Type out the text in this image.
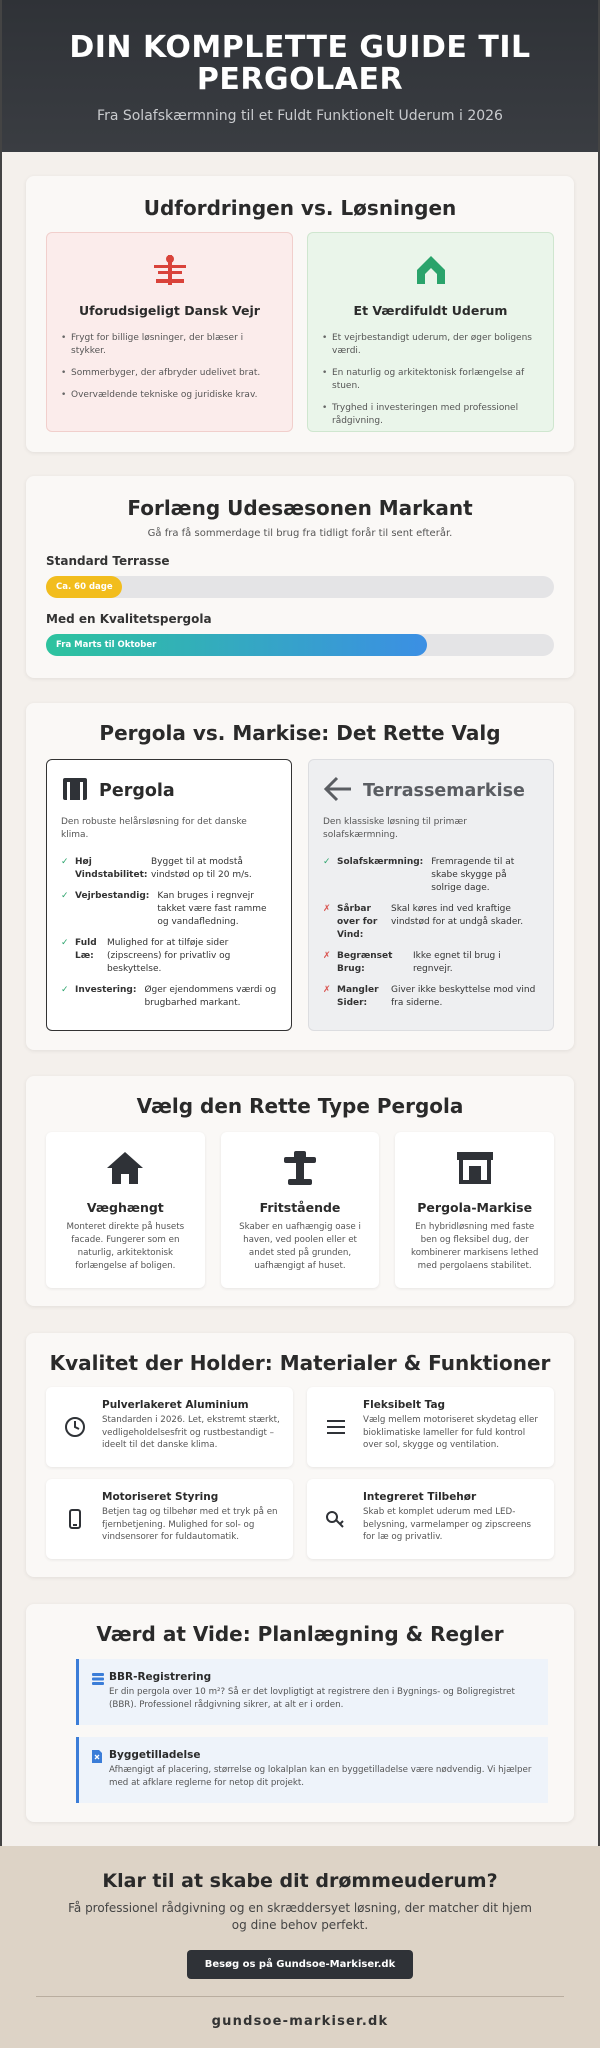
DIN KOMPLETTE GUIDE TIL
PERGOLAER

Fra Solafskærmning til et Fuldt Funktionelt Uderum i 2026

Udfordringen vs. Løsningen
Uforudsigeligt Dansk Vejr
• Frygt for billige løsninger, der blæser i stykker.
• Sommerbyger, der afbryder udelivet brat.
• Overvældende tekniske og juridiske krav.
Et Værdifuldt Uderum
• Et vejrbestandigt uderum, der øger boligens værdi.
• En naturlig og arkitektonisk forlængelse af stuen.
• Tryghed i investeringen med professionel rådgivning.
Forlæng Udesæsonen Markant

Gå fra få sommerdage til brug fra tidligt forår til sent efterår.

Standard Terrasse
Ca. 60 dage
Med en Kvalitetspergola
Fra Marts til Oktober
Pergola vs. Markise: Det Rette Valg
Pergola

Den robuste helårsløsning for det danske klima.

✓ Høj Vindstabilitet:
Bygget til at modstå vindstød op til 20 m/s.
✓ Vejrbestandig: Kan bruges i regnvejr takket være fast ramme og vandafledning.
✓ Fuld Læ:
Mulighed for at tilføje sider (zipscreens) for privatliv og beskyttelse.
✓ Investering: Øger ejendommens værdi og brugbarhed markant.
Terrassemarkise

Den klassiske løsning til primær solafskærmning.

✓ Solafskærmning: Fremragende til at skabe skygge på solrige dage.
✗ Sårbar over for Vind:
Skal køres ind ved kraftige vindstød for at undgå skader.
✗ Begrænset Brug:
Ikke egnet til brug i regnvejr.
✗ Mangler Sider:
Giver ikke beskyttelse mod vind fra siderne.
Vælg den Rette Type Pergola
Væghængt

Monteret direkte på husets facade. Fungerer som en naturlig, arkitektonisk forlængelse af boligen.

Fritstående

Skaber en uafhængig oase i haven, ved poolen eller et andet sted på grunden, uafhængigt af huset.

Pergola-Markise

En hybridløsning med faste ben og fleksibel dug, der kombinerer markisens lethed med pergolaens stabilitet.

Kvalitet der Holder: Materialer & Funktioner
Pulverlakeret Aluminium

Standarden i 2026. Let, ekstremt stærkt, vedligeholdelsesfrit og rustbestandigt – ideelt til det danske klima.

Fleksibelt Tag

Vælg mellem motoriseret skydetag eller bioklimatiske lameller for fuld kontrol over sol, skygge og ventilation.

Motoriseret Styring

Betjen tag og tilbehør med et tryk på en fjernbetjening. Mulighed for sol- og vindsensorer for fuldautomatik.

Integreret Tilbehør

Skab et komplet uderum med LED-belysning, varmelamper og zipscreens for læ og privatliv.

Værd at Vide: Planlægning & Regler
BBR-Registrering

Er din pergola over 10 m²? Så er det lovpligtigt at registrere den i Bygnings- og Boligregistret (BBR). Professionel rådgivning sikrer, at alt er i orden.

Byggetilladelse

Afhængigt af placering, størrelse og lokalplan kan en byggetilladelse være nødvendig. Vi hjælper med at afklare reglerne for netop dit projekt.

Klar til at skabe dit drømmeuderum?

Få professionel rådgivning og en skræddersyet løsning, der matcher dit hjem og dine behov perfekt.

Besøg os på Gundsoe-Markiser.dk
gundsoe-markiser.dk
